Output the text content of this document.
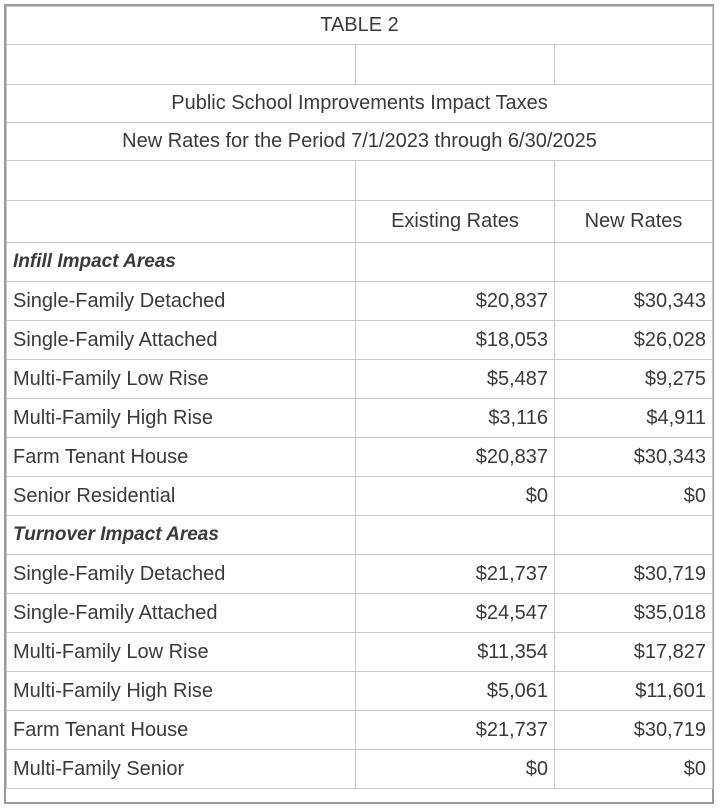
TABLE 2		

Public School Improvements Impact Taxes		
New Rates for the Period 7/1/2023 through 6/30/2025		

	Existing Rates	New Rates
Infill Impact Areas		
Single-Family Detached	$20,837	$30,343
Single-Family Attached	$18,053	$26,028
Multi-Family Low Rise	$5,487	$9,275
Multi-Family High Rise	$3,116	$4,911
Farm Tenant House	$20,837	$30,343
Senior Residential	$0	$0
Turnover Impact Areas		
Single-Family Detached	$21,737	$30,719
Single-Family Attached	$24,547	$35,018
Multi-Family Low Rise	$11,354	$17,827
Multi-Family High Rise	$5,061	$11,601
Farm Tenant House	$21,737	$30,719
Multi-Family Senior	$0	$0
